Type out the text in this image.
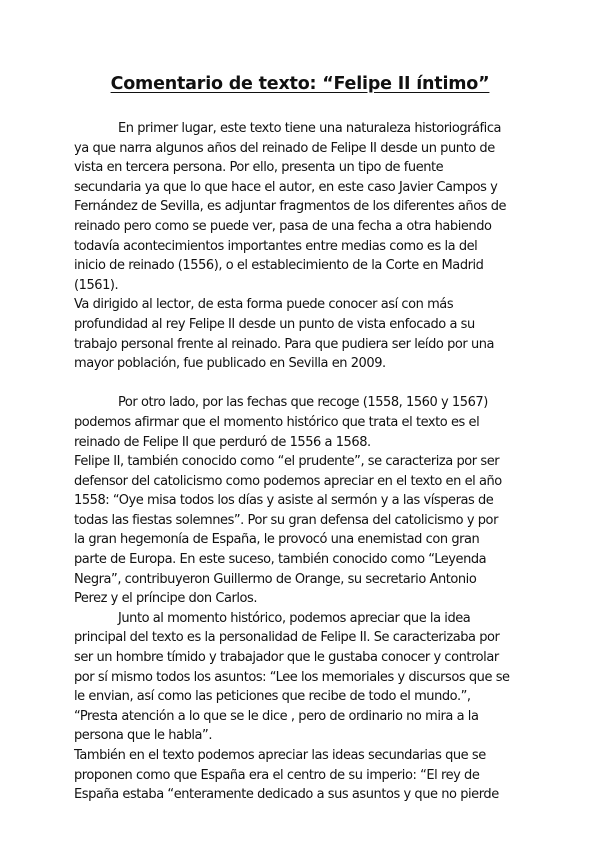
Comentario de texto: “Felipe II íntimo”
En primer lugar, este texto tiene una naturaleza historiográfica
ya que narra algunos años del reinado de Felipe II desde un punto de
vista en tercera persona. Por ello, presenta un tipo de fuente
secundaria ya que lo que hace el autor, en este caso Javier Campos y
Fernández de Sevilla, es adjuntar fragmentos de los diferentes años de
reinado pero como se puede ver, pasa de una fecha a otra habiendo
todavía acontecimientos importantes entre medias como es la del
inicio de reinado (1556), o el establecimiento de la Corte en Madrid
(1561).
Va dirigido al lector, de esta forma puede conocer así con más
profundidad al rey Felipe II desde un punto de vista enfocado a su
trabajo personal frente al reinado. Para que pudiera ser leído por una
mayor población, fue publicado en Sevilla en 2009.
Por otro lado, por las fechas que recoge (1558, 1560 y 1567)
podemos afirmar que el momento histórico que trata el texto es el
reinado de Felipe II que perduró de 1556 a 1568.
Felipe II, también conocido como “el prudente”, se caracteriza por ser
defensor del catolicismo como podemos apreciar en el texto en el año
1558: “Oye misa todos los días y asiste al sermón y a las vísperas de
todas las fiestas solemnes”. Por su gran defensa del catolicismo y por
la gran hegemonía de España, le provocó una enemistad con gran
parte de Europa. En este suceso, también conocido como “Leyenda
Negra”, contribuyeron Guillermo de Orange, su secretario Antonio
Perez y el príncipe don Carlos.
Junto al momento histórico, podemos apreciar que la idea
principal del texto es la personalidad de Felipe II. Se caracterizaba por
ser un hombre tímido y trabajador que le gustaba conocer y controlar
por sí mismo todos los asuntos: “Lee los memoriales y discursos que se
le envian, así como las peticiones que recibe de todo el mundo.”,
“Presta atención a lo que se le dice , pero de ordinario no mira a la
persona que le habla”.
También en el texto podemos apreciar las ideas secundarias que se
proponen como que España era el centro de su imperio: “El rey de
España estaba “enteramente dedicado a sus asuntos y que no pierde
